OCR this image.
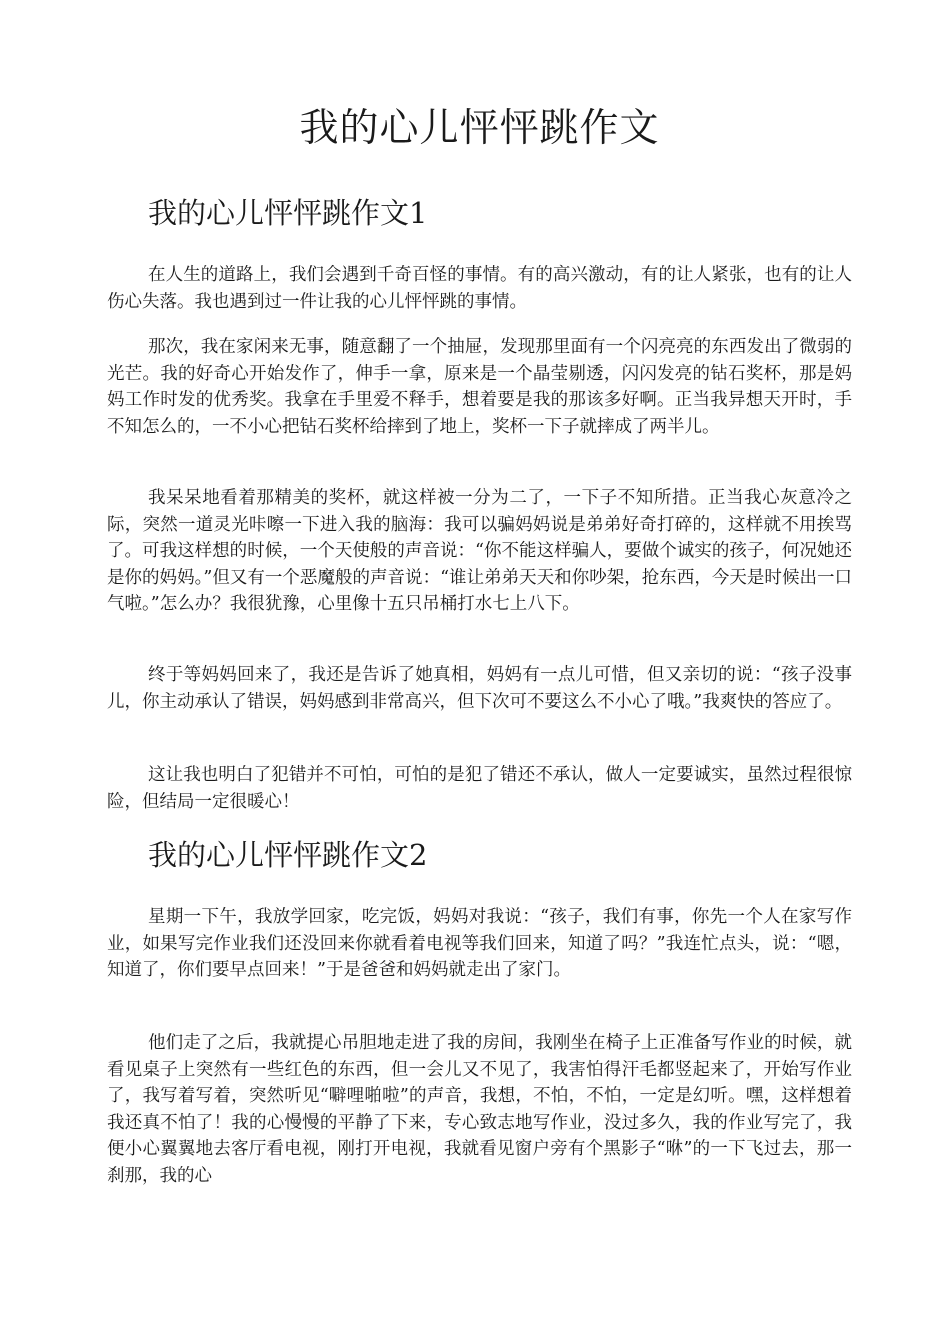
我的心儿怦怦跳作文
我的心儿怦怦跳作文1

在人生的道路上，我们会遇到千奇百怪的事情。有的高兴激动，有的让人紧张，也有的让人伤心失落。我也遇到过一件让我的心儿怦怦跳的事情。

那次，我在家闲来无事，随意翻了一个抽屉，发现那里面有一个闪亮亮的东西发出了微弱的光芒。我的好奇心开始发作了，伸手一拿，原来是一个晶莹剔透，闪闪发亮的钻石奖杯，那是妈妈工作时发的优秀奖。我拿在手里爱不释手，想着要是我的那该多好啊。正当我异想天开时，手不知怎么的，一不小心把钻石奖杯给摔到了地上，奖杯一下子就摔成了两半儿。

我呆呆地看着那精美的奖杯，就这样被一分为二了，一下子不知所措。正当我心灰意冷之际，突然一道灵光咔嚓一下进入我的脑海：我可以骗妈妈说是弟弟好奇打碎的，这样就不用挨骂了。可我这样想的时候，一个天使般的声音说：“你不能这样骗人，要做个诚实的孩子，何况她还是你的妈妈。”但又有一个恶魔般的声音说：“谁让弟弟天天和你吵架，抢东西，今天是时候出一口气啦。”怎么办？我很犹豫，心里像十五只吊桶打水七上八下。

终于等妈妈回来了，我还是告诉了她真相，妈妈有一点儿可惜，但又亲切的说：“孩子没事儿，你主动承认了错误，妈妈感到非常高兴，但下次可不要这么不小心了哦。”我爽快的答应了。

这让我也明白了犯错并不可怕，可怕的是犯了错还不承认，做人一定要诚实，虽然过程很惊险，但结局一定很暖心！

我的心儿怦怦跳作文2

星期一下午，我放学回家，吃完饭，妈妈对我说：“孩子，我们有事，你先一个人在家写作业，如果写完作业我们还没回来你就看着电视等我们回来，知道了吗？”我连忙点头，说：“嗯，知道了，你们要早点回来！”于是爸爸和妈妈就走出了家门。

他们走了之后，我就提心吊胆地走进了我的房间，我刚坐在椅子上正准备写作业的时候，就看见桌子上突然有一些红色的东西，但一会儿又不见了，我害怕得汗毛都竖起来了，开始写作业了，我写着写着，突然听见“噼哩啪啦”的声音，我想，不怕，不怕，一定是幻听。嘿，这样想着我还真不怕了！我的心慢慢的平静了下来，专心致志地写作业，没过多久，我的作业写完了，我便小心翼翼地去客厅看电视，刚打开电视，我就看见窗户旁有个黑影子“咻”的一下飞过去，那一刹那，我的心
